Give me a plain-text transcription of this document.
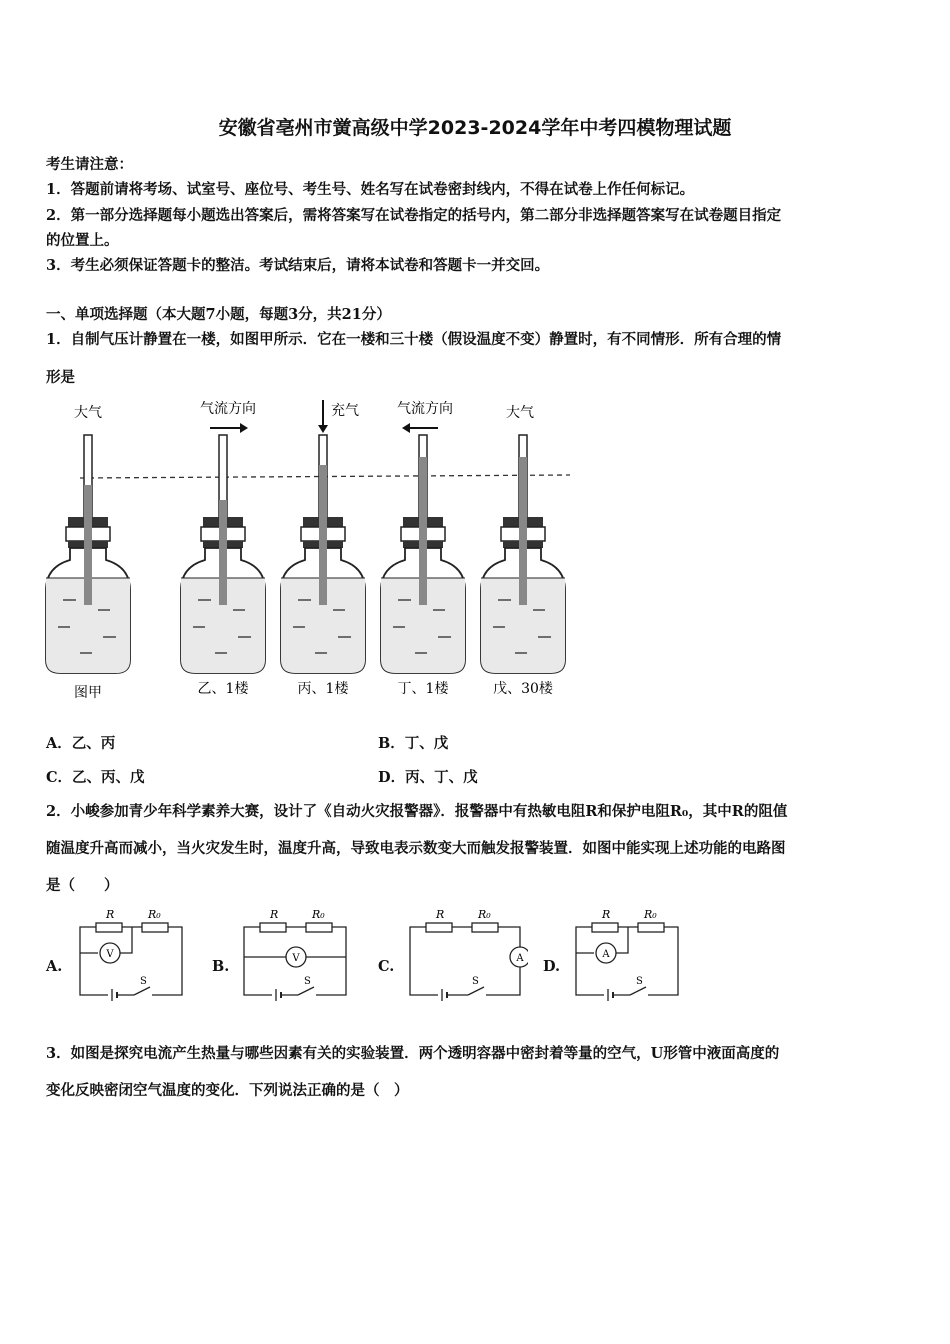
安徽省亳州市黉高级中学2023-2024学年中考四模物理试题
考生请注意：
1．答题前请将考场、试室号、座位号、考生号、姓名写在试卷密封线内，不得在试卷上作任何标记。
2．第一部分选择题每小题选出答案后，需将答案写在试卷指定的括号内，第二部分非选择题答案写在试卷题目指定
的位置上。
3．考生必须保证答题卡的整洁。考试结束后，请将本试卷和答题卡一并交回。
一、单项选择题（本大题7小题，每题3分，共21分）
1．自制气压计静置在一楼，如图甲所示．它在一楼和三十楼（假设温度不变）静置时，有不同情形．所有合理的情
形是
大气	气流方向	充气	气流方向	大气
图甲	乙、1楼	丙、1楼	丁、1楼	戊、30楼
A．乙、丙	B．丁、戊
C．乙、丙、戊	D．丙、丁、戊
2．小峻参加青少年科学素养大赛，设计了《自动火灾报警器》．报警器中有热敏电阻R和保护电阻R₀，其中R的阻值
随温度升高而减小，当火灾发生时，温度升高，导致电表示数变大而触发报警装置．如图中能实现上述功能的电路图
是（　　）
A.	B.	C.	D.
R	R₀
S
V
R	R₀
S
V
R	R₀
A
S
R	R₀
S
A
3．如图是探究电流产生热量与哪些因素有关的实验装置．两个透明容器中密封着等量的空气，U形管中液面高度的
变化反映密闭空气温度的变化．下列说法正确的是（　）
